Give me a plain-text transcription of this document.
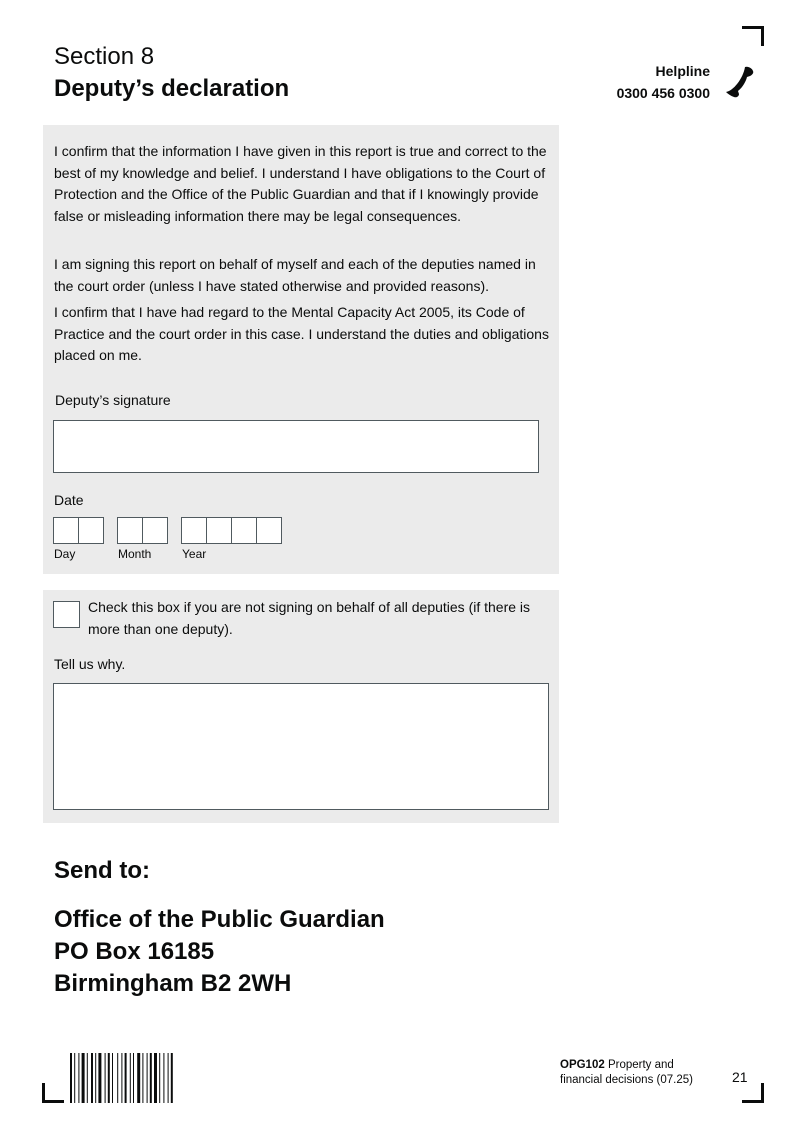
Section 8
Deputy’s declaration
Helpline
0300 456 0300
I confirm that the information I have given in this report is true and correct to the best of my knowledge and belief. I understand I have obligations to the Court of Protection and the Office of the Public Guardian and that if I knowingly provide false or misleading information there may be legal consequences.
I am signing this report on behalf of myself and each of the deputies named in the court order (unless I have stated otherwise and provided reasons).
I confirm that I have had regard to the Mental Capacity Act 2005, its Code of Practice and the court order in this case. I understand the duties and obligations placed on me.
Deputy’s signature
Date
Day	Month	Year
Check this box if you are not signing on behalf of all deputies (if there is more than one deputy).
Tell us why.
Send to:
Office of the Public Guardian
PO Box 16185
Birmingham B2 2WH
OPG102 Property and financial decisions (07.25)	21
